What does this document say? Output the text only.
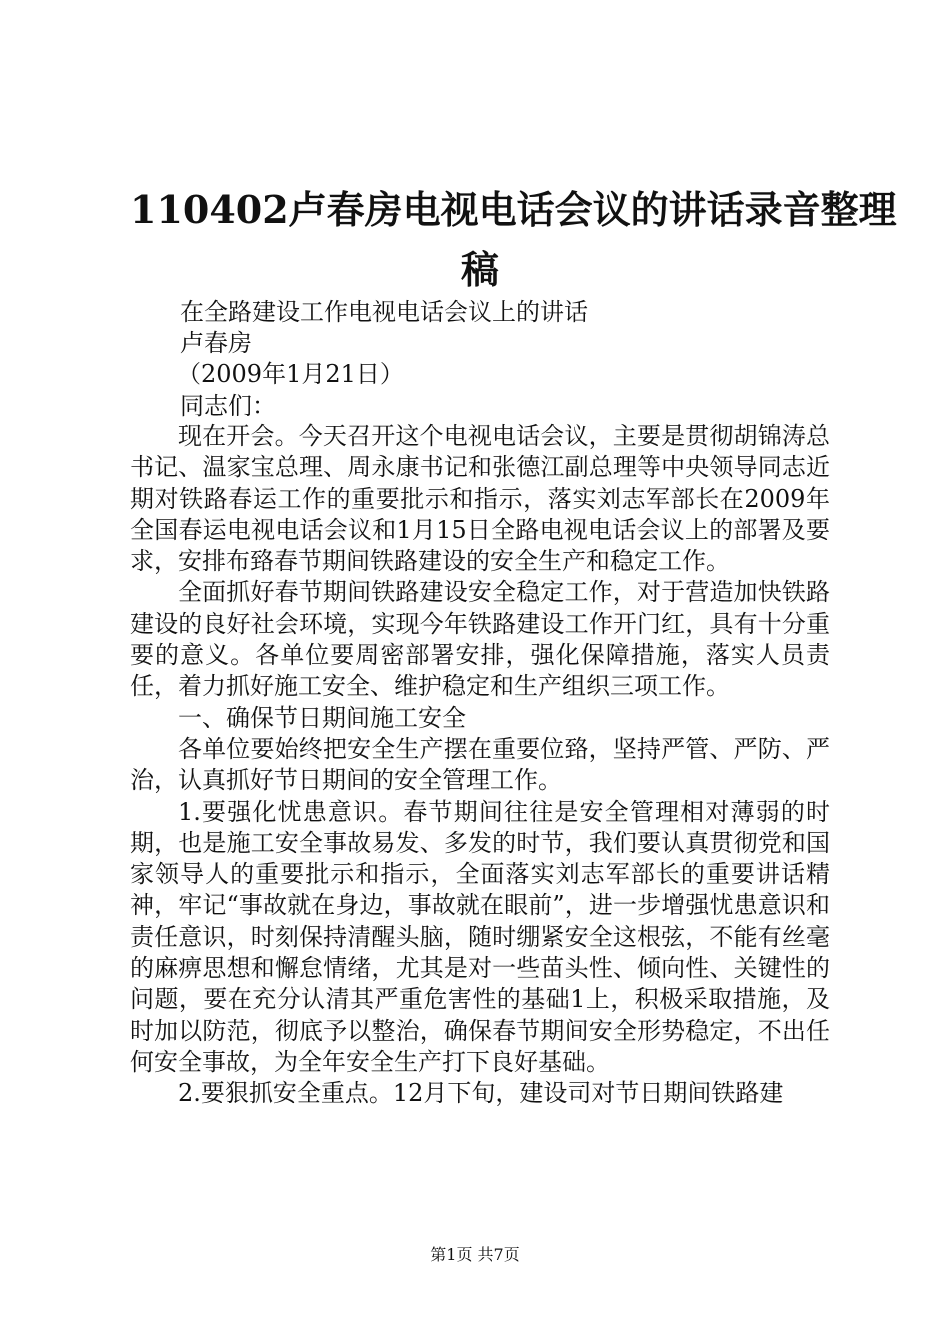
110402卢春房电视电话会议的讲话录音整理
稿
在全路建设工作电视电话会议上的讲话
卢春房
（2009年1月21日）
同志们：

现在开会。今天召开这个电视电话会议，主要是贯彻胡锦涛总书记、温家宝总理、周永康书记和张德江副总理等中央领导同志近期对铁路春运工作的重要批示和指示，落实刘志军部长在2009年全国春运电视电话会议和1月15日全路电视电话会议上的部署及要求，安排布臵春节期间铁路建设的安全生产和稳定工作。

全面抓好春节期间铁路建设安全稳定工作，对于营造加快铁路建设的良好社会环境，实现今年铁路建设工作开门红，具有十分重要的意义。各单位要周密部署安排，强化保障措施，落实人员责任，着力抓好施工安全、维护稳定和生产组织三项工作。

一、确保节日期间施工安全

各单位要始终把安全生产摆在重要位臵，坚持严管、严防、严治，认真抓好节日期间的安全管理工作。

1.要强化忧患意识。春节期间往往是安全管理相对薄弱的时期，也是施工安全事故易发、多发的时节，我们要认真贯彻党和国家领导人的重要批示和指示，全面落实刘志军部长的重要讲话精神，牢记“事故就在身边，事故就在眼前”，进一步增强忧患意识和责任意识，时刻保持清醒头脑，随时绷紧安全这根弦，不能有丝毫的麻痹思想和懈怠情绪，尤其是对一些苗头性、倾向性、关键性的问题，要在充分认清其严重危害性的基础1上，积极采取措施，及时加以防范，彻底予以整治，确保春节期间安全形势稳定，不出任何安全事故，为全年安全生产打下良好基础。

2.要狠抓安全重点。12月下旬，建设司对节日期间铁路建

第1页 共7页
